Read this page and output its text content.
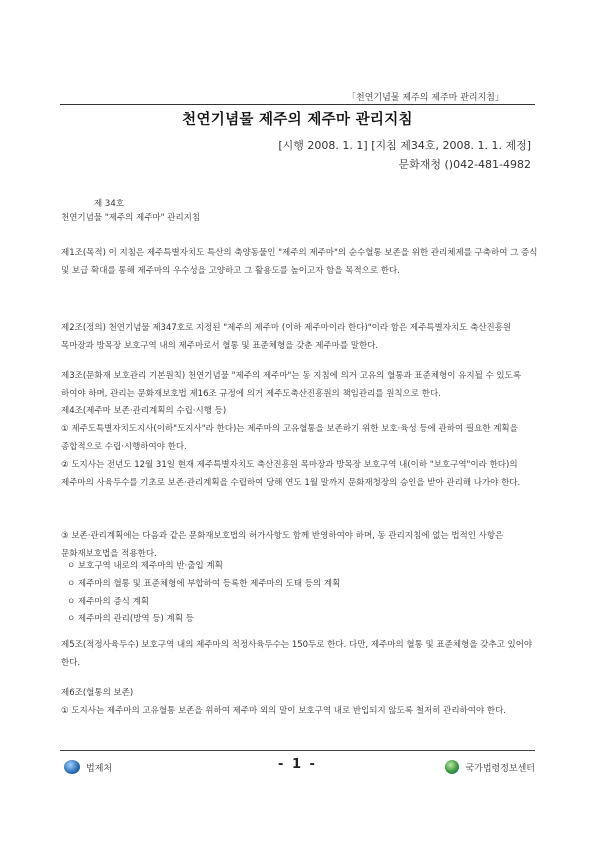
「천연기념물 제주의 제주마 관리지침」
천연기념물 제주의 제주마 관리지침
[시행 2008. 1. 1] [지침 제34호, 2008. 1. 1. 제정]
문화재청 ()042-481-4982
제 34호
천연기념물 "제주의 제주마" 관리지침
제1조(목적) 이 지침은 제주특별자치도 특산의 축양동물인 "제주의 제주마"의 순수혈통 보존을 위한 관리체제를 구축하여 그 증식 및 보급 확대를 통해 제주마의 우수성을 고양하고 그 활용도를 높이고자 함을 목적으로 한다.
제2조(정의) 천연기념물 제347호로 지정된 "제주의 제주마 (이하 제주마이라 한다)"이라 함은 제주특별자치도 축산진흥원 목마장과 방목장 보호구역 내의 제주마로서 혈통 및 표준체형을 갖춘 제주마를 말한다.
제3조(문화재 보호관리 기본원칙) 천연기념물 "제주의 제주마"는 동 지침에 의거 고유의 혈통과 표준체형이 유지될 수 있도록 하여야 하며, 관리는 문화재보호법 제16조 규정에 의거 제주도축산진흥원의 책임관리를 원칙으로 한다.
제4조(제주마 보존·관리계획의 수립·시행 등)
① 제주도특별자치도지사(이하"도지사"라 한다)는 제주마의 고유혈통을 보존하기 위한 보호·육성 등에 관하여 필요한 계획을 종합적으로 수립·시행하여야 한다.
② 도지사는 전년도 12월 31일 현재 제주특별자치도 축산진흥원 목마장과 방목장 보호구역 내(이하 "보호구역"이라 한다)의 제주마의 사육두수를 기초로 보존·관리계획을 수립하여 당해 연도 1월 말까지 문화재청장의 승인을 받아 관리해 나가야 한다.
③ 보존·관리계획에는 다음과 같은 문화재보호법의 허가사항도 함께 반영하여야 하며, 동 관리지침에 없는 법적인 사항은 문화재보호법을 적용한다.
ㅇ 보호구역 내로의 제주마의 반·출입 계획
ㅇ 제주마의 혈통 및 표준체형에 부합하여 등록한 제주마의 도태 등의 계획
ㅇ 제주마의 증식 계획
ㅇ 제주마의 관리(방역 등) 계획 등
제5조(적정사육두수) 보호구역 내의 제주마의 적정사육두수는 150두로 한다. 다만, 제주마의 혈통 및 표준체형을 갖추고 있어야 한다.
제6조(혈통의 보존)
① 도지사는 제주마의 고유혈통 보존을 위하여 제주마 외의 말이 보호구역 내로 반입되지 않도록 철저히 관리하여야 한다.
법제처	- 1 -	국가법령정보센터
